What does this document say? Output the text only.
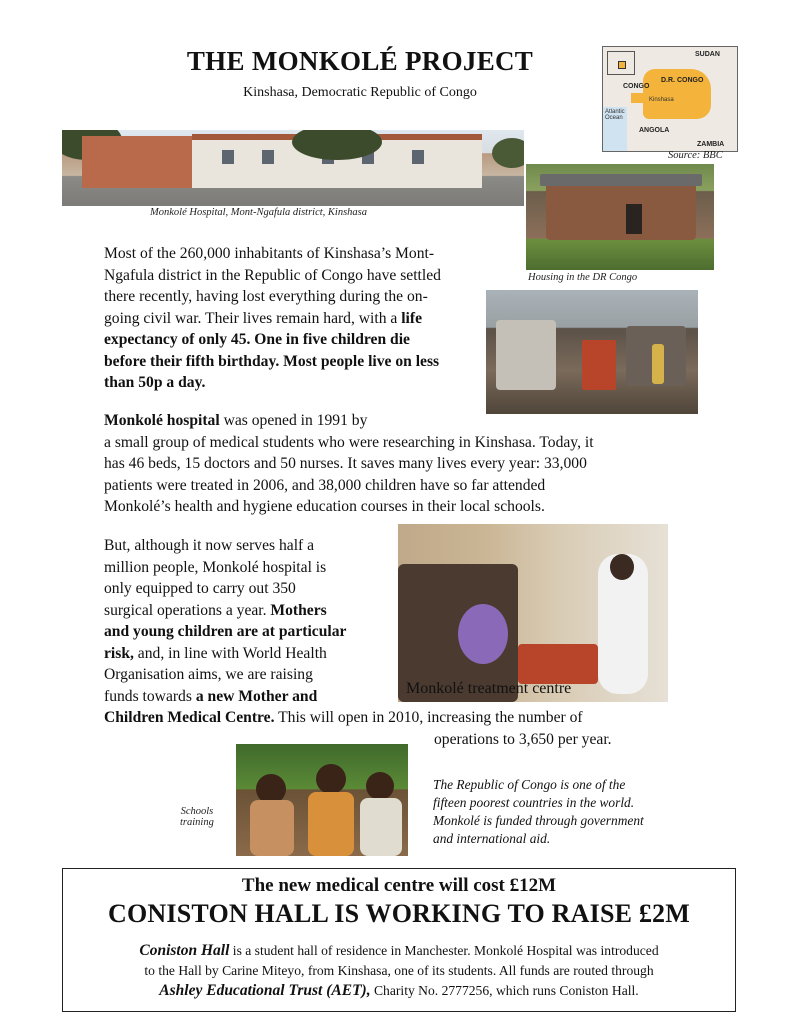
THE MONKOLÉ PROJECT
Kinshasa, Democratic Republic of Congo
SUDAN
D.R. CONGO
CONGO
Kinshasa
Atlantic Ocean
ANGOLA
ZAMBIA
Source: BBC
Monkolé Hospital, Mont-Ngafula district, Kinshasa
Housing in the DR Congo
Most of the 260,000 inhabitants of Kinshasa’s Mont-
Ngafula district in the Republic of Congo have settled
there recently, having lost everything during the on-
going civil war. Their lives remain hard, with a life
expectancy of only 45. One in five children die
before their fifth birthday. Most people live on less
than 50p a day.
Monkolé hospital was opened in 1991 by
a small group of medical students who were researching in Kinshasa. Today, it
has 46 beds, 15 doctors and 50 nurses. It saves many lives every year: 33,000
patients were treated in 2006, and 38,000 children have so far attended
Monkolé’s health and hygiene education courses in their local schools.
Monkolé treatment centre
But, although it now serves half a
million people, Monkolé hospital is
only equipped to carry out 350
surgical operations a year. Mothers
and young children are at particular
risk, and, in line with World Health
Organisation aims, we are raising
funds towards a new Mother and
Children Medical Centre. This will open in 2010, increasing the number of
operations to 3,650 per year.
Schools
training
The Republic of Congo is one of the
fifteen poorest countries in the world.
Monkolé is funded through government
and international aid.
The new medical centre will cost £12M
CONISTON HALL IS WORKING TO RAISE £2M
Coniston Hall is a student hall of residence in Manchester. Monkolé Hospital was introduced
to the Hall by Carine Miteyo, from Kinshasa, one of its students. All funds are routed through
Ashley Educational Trust (AET), Charity No. 2777256, which runs Coniston Hall.
